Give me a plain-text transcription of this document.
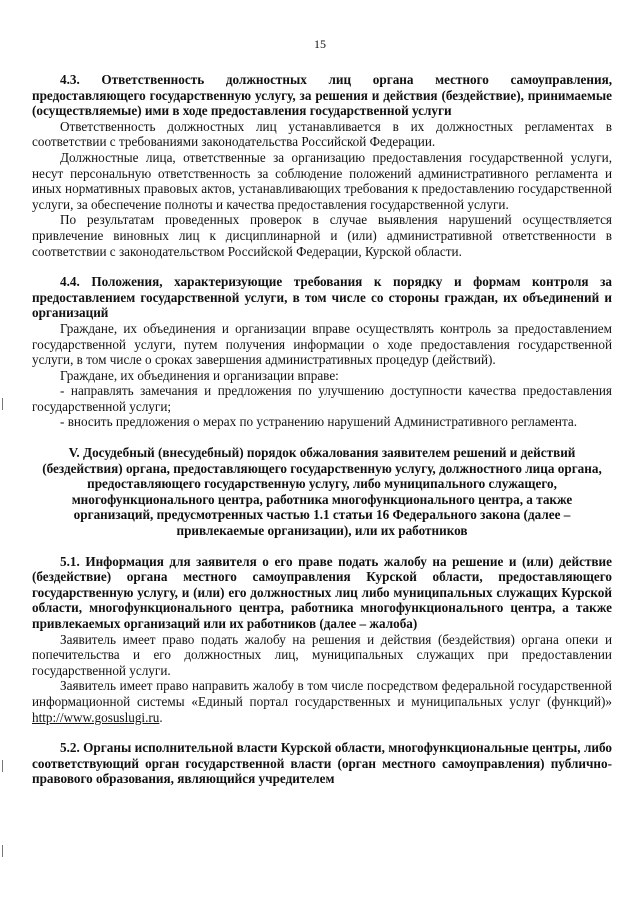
15

4.3. Ответственность должностных лиц органа местного самоуправления, предоставляющего государственную услугу, за решения и действия (бездействие), принимаемые (осуществляемые) ими в ходе предоставления государственной услуги

Ответственность должностных лиц устанавливается в их должностных регламентах в соответствии с требованиями законодательства Российской Федерации.

Должностные лица, ответственные за организацию предоставления государственной услуги, несут персональную ответственность за соблюдение положений административного регламента и иных нормативных правовых актов, устанавливающих требования к предоставлению государственной услуги, за обеспечение полноты и качества предоставления государственной услуги.

По результатам проведенных проверок в случае выявления нарушений осуществляется привлечение виновных лиц к дисциплинарной и (или) административной ответственности в соответствии с законодательством Российской Федерации, Курской области.

4.4. Положения, характеризующие требования к порядку и формам контроля за предоставлением государственной услуги, в том числе со стороны граждан, их объединений и организаций

Граждане, их объединения и организации вправе осуществлять контроль за предоставлением государственной услуги, путем получения информации о ходе предоставления государственной услуги, в том числе о сроках завершения административных процедур (действий).

Граждане, их объединения и организации вправе:

- направлять замечания и предложения по улучшению доступности качества предоставления государственной услуги;

- вносить предложения о мерах по устранению нарушений Административного регламента.

V. Досудебный (внесудебный) порядок обжалования заявителем решений и действий (бездействия) органа, предоставляющего государственную услугу, должностного лица органа, предоставляющего государственную услугу, либо муниципального служащего, многофункционального центра, работника многофункционального центра, а также организаций, предусмотренных частью 1.1 статьи 16 Федерального закона (далее – привлекаемые организации), или их работников

5.1. Информация для заявителя о его праве подать жалобу на решение и (или) действие (бездействие) органа местного самоуправления Курской области, предоставляющего государственную услугу, и (или) его должностных лиц либо муниципальных служащих Курской области, многофункционального центра, работника многофункционального центра, а также привлекаемых организаций или их работников (далее – жалоба)

Заявитель имеет право подать жалобу на решения и действия (бездействия) органа опеки и попечительства и его должностных лиц, муниципальных служащих при предоставлении государственной услуги.

Заявитель имеет право направить жалобу в том числе посредством федеральной государственной информационной системы «Единый портал государственных и муниципальных услуг (функций)» http://www.gosuslugi.ru.

5.2. Органы исполнительной власти Курской области, многофункциональные центры, либо соответствующий орган государственной власти (орган местного самоуправления) публично-правового образования, являющийся учредителем
